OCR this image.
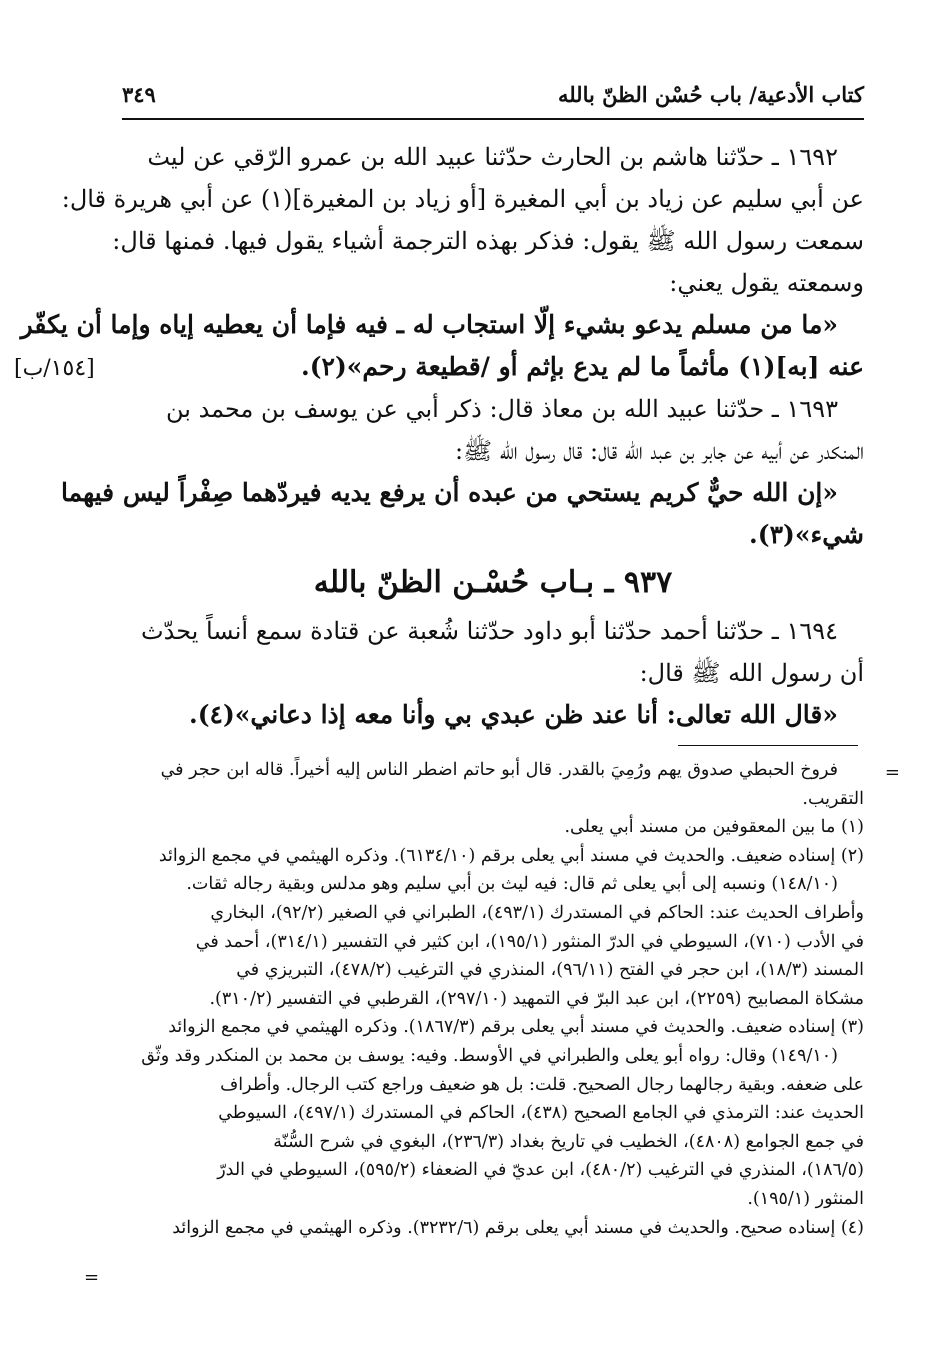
كتاب الأدعية/ باب حُسْن الظنّ بالله
٣٤٩
[١٥٤/ب]
١٦٩٢ ـ حدّثنا هاشم بن الحارث حدّثنا عبيد الله بن عمرو الرّقي عن ليث
عن أبي سليم عن زياد بن أبي المغيرة [أو زياد بن المغيرة](١) عن أبي هريرة قال:
سمعت رسول الله ﷺ يقول: فذكر بهذه الترجمة أشياء يقول فيها. فمنها قال:
وسمعته يقول يعني:
«ما من مسلم يدعو بشيء إلّا استجاب له ـ فيه فإما أن يعطيه إياه وإما أن يكفّر
عنه [به](١) مأثماً ما لم يدع بإثم أو /قطيعة رحم»(٢).
١٦٩٣ ـ حدّثنا عبيد الله بن معاذ قال: ذكر أبي عن يوسف بن محمد بن
المنكدر عن أبيه عن جابر بن عبد الله قال: قال رسول الله ﷺ:
«إن الله حيٌّ كريم يستحي من عبده أن يرفع يديه فيردّهما صِفْراً ليس فيهما
شيء»(٣).
٩٣٧ ـ بـاب حُسْـن الظنّ بالله
١٦٩٤ ـ حدّثنا أحمد حدّثنا أبو داود حدّثنا شُعبة عن قتادة سمع أنساً يحدّث
أن رسول الله ﷺ قال:
«قال الله تعالى: أنا عند ظن عبدي بي وأنا معه إذا دعاني»(٤).
=
فروخ الحبطي صدوق يهم ورُمِيَ بالقدر. قال أبو حاتم اضطر الناس إليه أخيراً. قاله ابن حجر في
التقريب.
(١) ما بين المعقوفين من مسند أبي يعلى.
(٢) إسناده ضعيف. والحديث في مسند أبي يعلى برقم (٦١٣٤/١٠). وذكره الهيثمي في مجمع الزوائد
(١٤٨/١٠) ونسبه إلى أبي يعلى ثم قال: فيه ليث بن أبي سليم وهو مدلس وبقية رجاله ثقات.
وأطراف الحديث عند: الحاكم في المستدرك (٤٩٣/١)، الطبراني في الصغير (٩٢/٢)، البخاري
في الأدب (٧١٠)، السيوطي في الدرّ المنثور (١٩٥/١)، ابن كثير في التفسير (٣١٤/١)، أحمد في
المسند (١٨/٣)، ابن حجر في الفتح (٩٦/١١)، المنذري في الترغيب (٤٧٨/٢)، التبريزي في
مشكاة المصابيح (٢٢٥٩)، ابن عبد البرّ في التمهيد (٢٩٧/١٠)، القرطبي في التفسير (٣١٠/٢).
(٣) إسناده ضعيف. والحديث في مسند أبي يعلى برقم (١٨٦٧/٣). وذكره الهيثمي في مجمع الزوائد
(١٤٩/١٠) وقال: رواه أبو يعلى والطبراني في الأوسط. وفيه: يوسف بن محمد بن المنكدر وقد وثّق
على ضعفه. وبقية رجالهما رجال الصحيح. قلت: بل هو ضعيف وراجع كتب الرجال. وأطراف
الحديث عند: الترمذي في الجامع الصحيح (٤٣٨)، الحاكم في المستدرك (٤٩٧/١)، السيوطي
في جمع الجوامع (٤٨٠٨)، الخطيب في تاريخ بغداد (٢٣٦/٣)، البغوي في شرح السُّنّة
(١٨٦/٥)، المنذري في الترغيب (٤٨٠/٢)، ابن عديّ في الضعفاء (٥٩٥/٢)، السيوطي في الدرّ
المنثور (١٩٥/١).
(٤) إسناده صحيح. والحديث في مسند أبي يعلى برقم (٣٢٣٢/٦). وذكره الهيثمي في مجمع الزوائد
=
